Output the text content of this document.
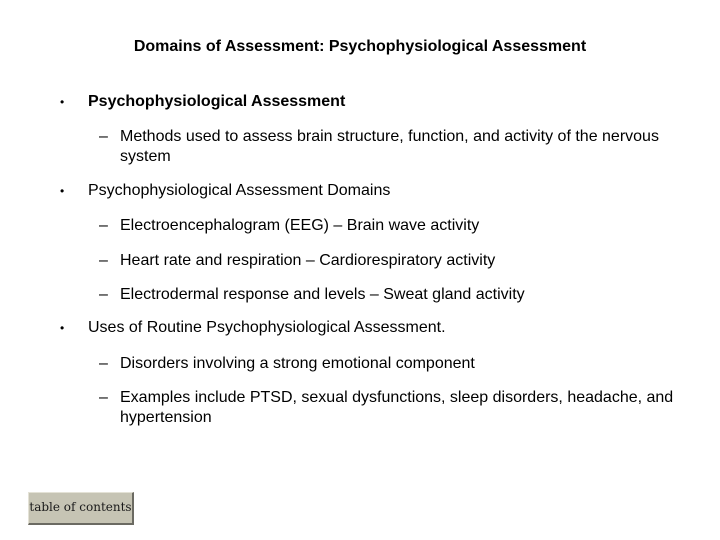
Domains of Assessment: Psychophysiological Assessment
• Psychophysiological Assessment
– Methods used to assess brain structure, function, and activity of the nervous system
• Psychophysiological Assessment Domains
– Electroencephalogram (EEG) – Brain wave activity
– Heart rate and respiration – Cardiorespiratory activity
– Electrodermal response and levels – Sweat gland activity
• Uses of Routine Psychophysiological Assessment.
– Disorders involving a strong emotional component
– Examples include PTSD, sexual dysfunctions, sleep disorders, headache, and hypertension
table of contents
